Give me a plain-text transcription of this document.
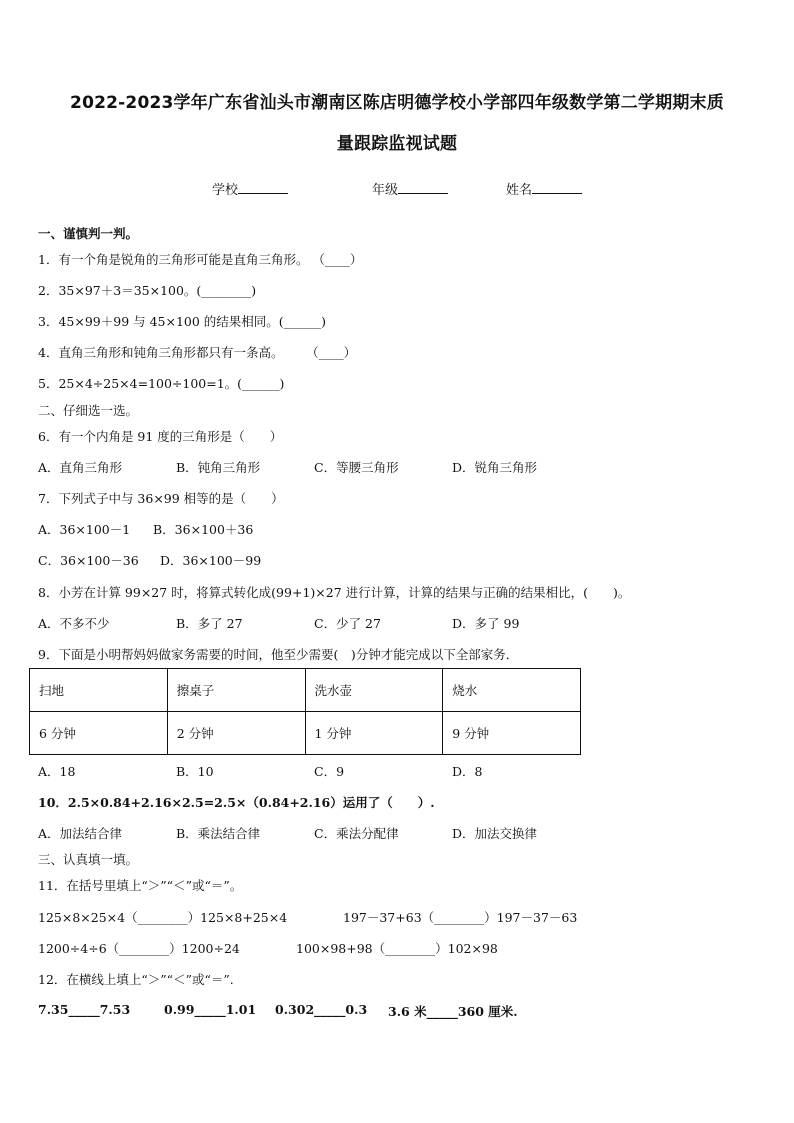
2022-2023学年广东省汕头市潮南区陈店明德学校小学部四年级数学第二学期期末质
量跟踪监视试题
学校	年级	姓名
一、谨慎判一判。
1．有一个角是锐角的三角形可能是直角三角形。 （____）
2．35×97＋3＝35×100。(________)
3．45×99＋99 与 45×100 的结果相同。(______)
4．直角三角形和钝角三角形都只有一条高。　　 （____）
5．25×4÷25×4=100÷100=1。(______)
二、仔细选一选。
6．有一个内角是 91 度的三角形是（　　）
A．直角三角形	B．钝角三角形	C．等腰三角形	D．锐角三角形
7．下列式子中与 36×99 相等的是（　　）
A．36×100－1 B．36×100＋36
C．36×100－36 D．36×100－99
8．小芳在计算 99×27 时，将算式转化成(99+1)×27 进行计算，计算的结果与正确的结果相比，(　　)。
A．不多不少	B．多了 27	C．少了 27	D．多了 99
9．下面是小明帮妈妈做家务需要的时间，他至少需要(　)分钟才能完成以下全部家务．
扫地	擦桌子	洗水壶	烧水
6 分钟	2 分钟	1 分钟	9 分钟
A．18	B．10	C．9	D．8
10．2.5×0.84+2.16×2.5=2.5×（0.84+2.16）运用了（　　）.
A．加法结合律	B．乘法结合律	C．乘法分配律	D．加法交换律
三、认真填一填。
11．在括号里填上“＞”“＜”或“＝”。
125×8×25×4（________）125×8+25×4	197－37+63（________）197－37－63
1200÷4÷6（________）1200÷24	100×98+98（________）102×98
12．在横线上填上“＞”“＜”或“＝”.
7.35_____7.53	0.99_____1.01 0.302_____0.3 3.6 米_____360 厘米.
